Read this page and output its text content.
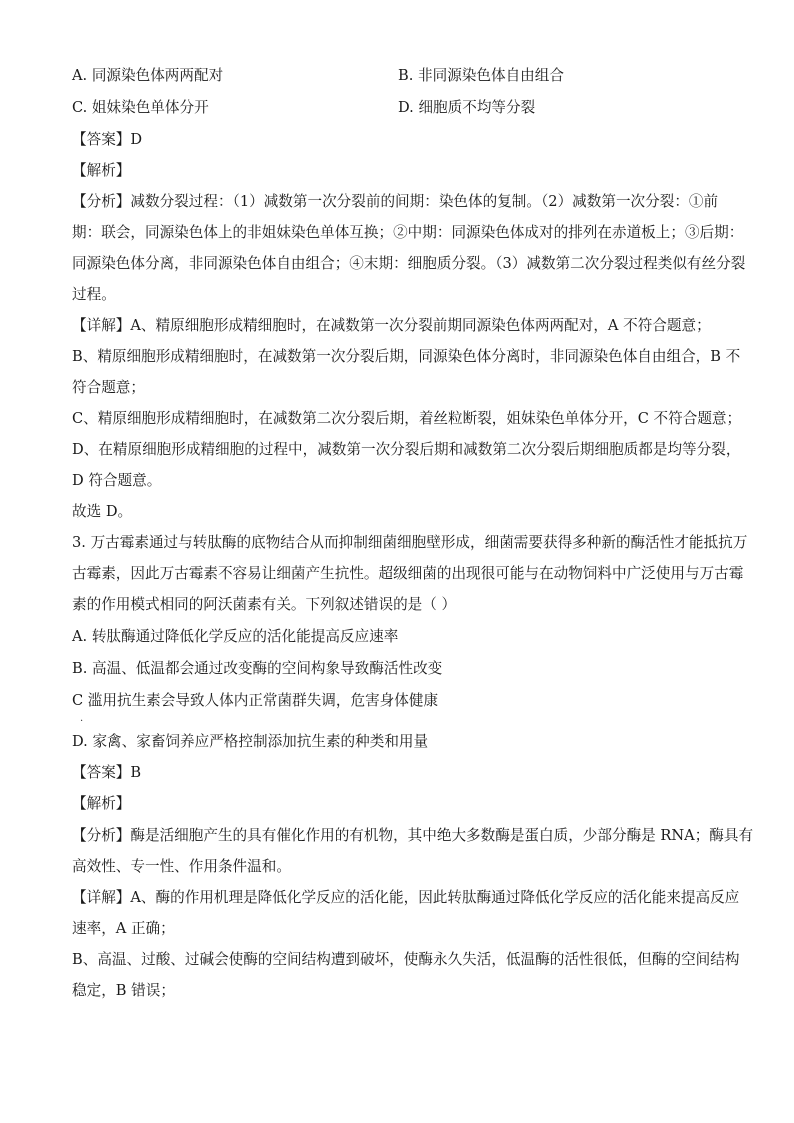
A. 同源染色体两两配对	B. 非同源染色体自由组合
C. 姐妹染色单体分开	D. 细胞质不均等分裂
【答案】D
【解析】
【分析】减数分裂过程：（1）减数第一次分裂前的间期：染色体的复制。（2）减数第一次分裂：①前
期：联会，同源染色体上的非姐妹染色单体互换；②中期：同源染色体成对的排列在赤道板上；③后期：
同源染色体分离，非同源染色体自由组合；④末期：细胞质分裂。（3）减数第二次分裂过程类似有丝分裂
过程。
【详解】A、精原细胞形成精细胞时，在减数第一次分裂前期同源染色体两两配对，A 不符合题意；
B、精原细胞形成精细胞时，在减数第一次分裂后期，同源染色体分离时，非同源染色体自由组合，B 不
符合题意；
C、精原细胞形成精细胞时，在减数第二次分裂后期，着丝粒断裂，姐妹染色单体分开，C 不符合题意；
D、在精原细胞形成精细胞的过程中，减数第一次分裂后期和减数第二次分裂后期细胞质都是均等分裂，
D 符合题意。
故选 D。
3. 万古霉素通过与转肽酶的底物结合从而抑制细菌细胞壁形成，细菌需要获得多种新的酶活性才能抵抗万
古霉素，因此万古霉素不容易让细菌产生抗性。超级细菌的出现很可能与在动物饲料中广泛使用与万古霉
素的作用模式相同的阿沃菌素有关。下列叙述错误的是（ ）
A. 转肽酶通过降低化学反应的活化能提高反应速率
B. 高温、低温都会通过改变酶的空间构象导致酶活性改变
C 滥用抗生素会导致人体内正常菌群失调，危害身体健康
.
D. 家禽、家畜饲养应严格控制添加抗生素的种类和用量
【答案】B
【解析】
【分析】酶是活细胞产生的具有催化作用的有机物，其中绝大多数酶是蛋白质，少部分酶是 RNA；酶具有
高效性、专一性、作用条件温和。
【详解】A、酶的作用机理是降低化学反应的活化能，因此转肽酶通过降低化学反应的活化能来提高反应
速率，A 正确；
B、高温、过酸、过碱会使酶的空间结构遭到破坏，使酶永久失活，低温酶的活性很低，但酶的空间结构
稳定，B 错误；
